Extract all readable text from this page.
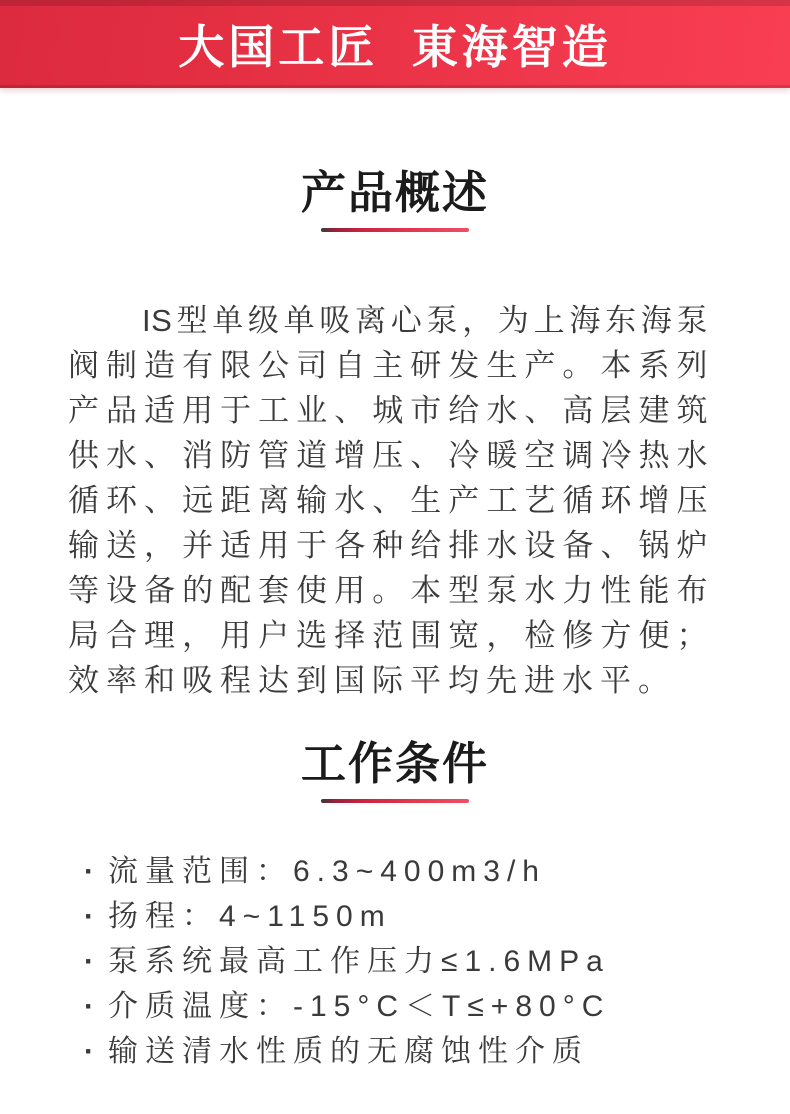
大国工匠  東海智造
产品概述
IS型单级单吸离心泵，为上海东海泵
阀制造有限公司自主研发生产。本系列
产品适用于工业、城市给水、高层建筑
供水、消防管道增压、冷暖空调冷热水
循环、远距离输水、生产工艺循环增压
输送，并适用于各种给排水设备、锅炉
等设备的配套使用。本型泵水力性能布
局合理，用户选择范围宽，检修方便；
效率和吸程达到国际平均先进水平。
工作条件
· 流量范围：6.3~400m3/h
· 扬程：4~1150m
· 泵系统最高工作压力≤1.6MPa
· 介质温度：-15°C＜T≤+80°C
· 输送清水性质的无腐蚀性介质
